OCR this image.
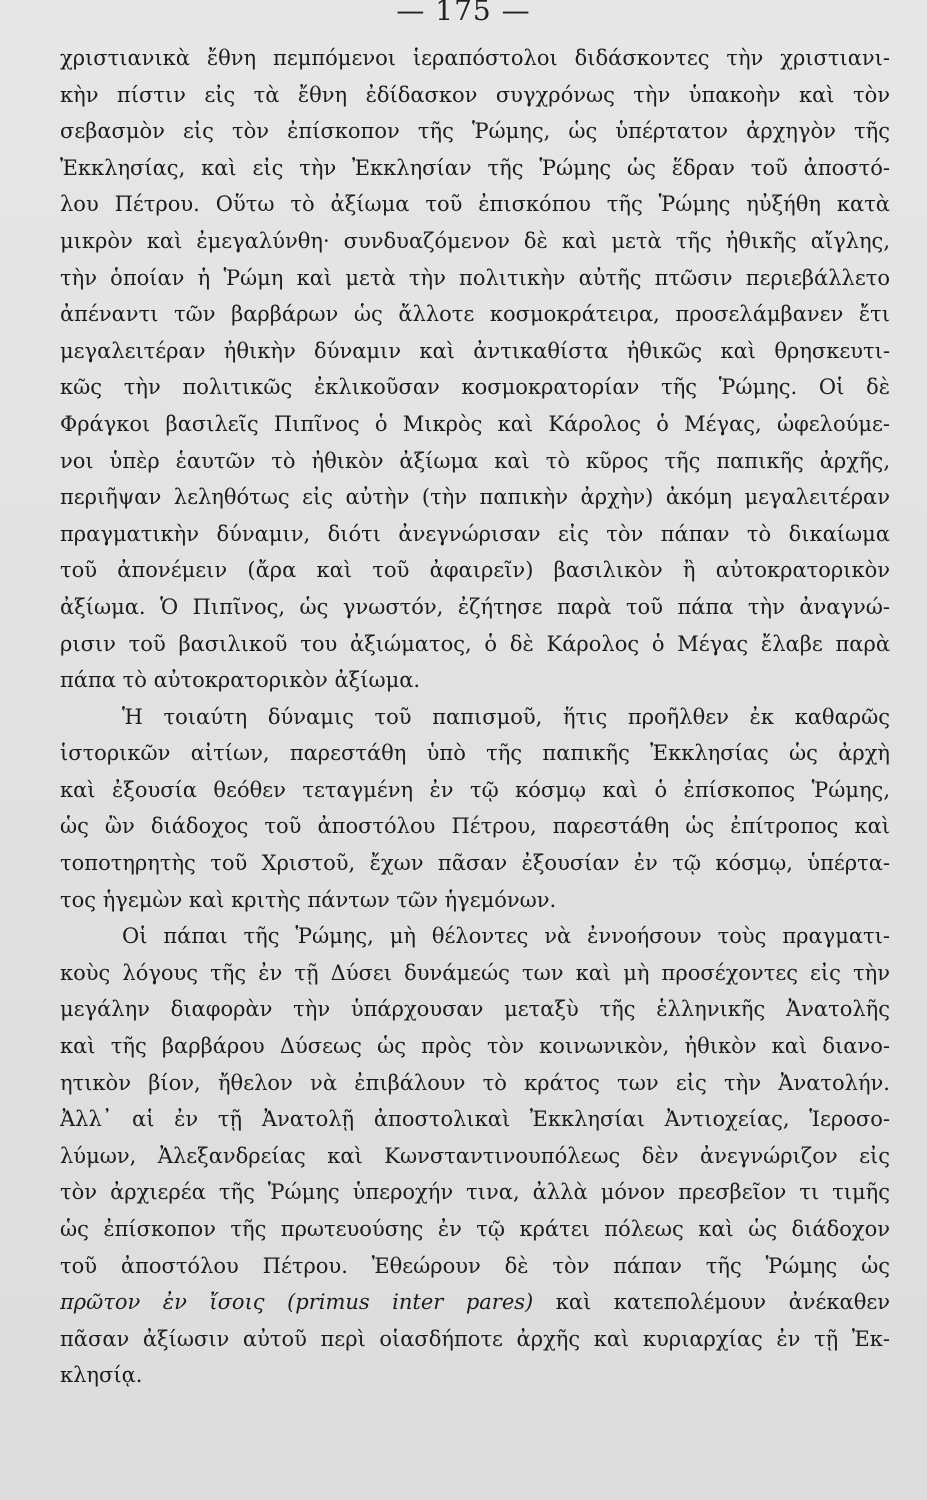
— 175 —
χριστιανικὰ ἔθνη πεμπόμενοι ἱεραπόστολοι διδάσκοντες τὴν χριστιανι-
κὴν πίστιν εἰς τὰ ἔθνη ἐδίδασκον συγχρόνως τὴν ὑπακοὴν καὶ τὸν
σεβασμὸν εἰς τὸν ἐπίσκοπον τῆς Ῥώμης, ὡς ὑπέρτατον ἀρχηγὸν τῆς
Ἐκκλησίας, καὶ εἰς τὴν Ἐκκλησίαν τῆς Ῥώμης ὡς ἕδραν τοῦ ἀποστό-
λου Πέτρου. Οὕτω τὸ ἀξίωμα τοῦ ἐπισκόπου τῆς Ῥώμης ηὐξήθη κατὰ
μικρὸν καὶ ἐμεγαλύνθη· συνδυαζόμενον δὲ καὶ μετὰ τῆς ἠθικῆς αἴγλης,
τὴν ὁποίαν ἡ Ῥώμη καὶ μετὰ τὴν πολιτικὴν αὐτῆς πτῶσιν περιεβάλλετο
ἀπέναντι τῶν βαρβάρων ὡς ἄλλοτε κοσμοκράτειρα, προσελάμβανεν ἔτι
μεγαλειτέραν ἠθικὴν δύναμιν καὶ ἀντικαθίστα ἠθικῶς καὶ θρησκευτι-
κῶς τὴν πολιτικῶς ἐκλικοῦσαν κοσμοκρατορίαν τῆς Ῥώμης. Οἱ δὲ
Φράγκοι βασιλεῖς Πιπῖνος ὁ Μικρὸς καὶ Κάρολος ὁ Μέγας, ὠφελούμε-
νοι ὑπὲρ ἑαυτῶν τὸ ἠθικὸν ἀξίωμα καὶ τὸ κῦρος τῆς παπικῆς ἀρχῆς,
περιῆψαν λεληθότως εἰς αὐτὴν (τὴν παπικὴν ἀρχὴν) ἀκόμη μεγαλειτέραν
πραγματικὴν δύναμιν, διότι ἀνεγνώρισαν εἰς τὸν πάπαν τὸ δικαίωμα
τοῦ ἀπονέμειν (ἄρα καὶ τοῦ ἀφαιρεῖν) βασιλικὸν ἢ αὐτοκρατορικὸν
ἀξίωμα. Ὁ Πιπῖνος, ὡς γνωστόν, ἐζήτησε παρὰ τοῦ πάπα τὴν ἀναγνώ-
ρισιν τοῦ βασιλικοῦ του ἀξιώματος, ὁ δὲ Κάρολος ὁ Μέγας ἔλαβε παρὰ
πάπα τὸ αὐτοκρατορικὸν ἀξίωμα.
Ἡ τοιαύτη δύναμις τοῦ παπισμοῦ, ἥτις προῆλθεν ἐκ καθαρῶς
ἱστορικῶν αἰτίων, παρεστάθη ὑπὸ τῆς παπικῆς Ἐκκλησίας ὡς ἀρχὴ
καὶ ἐξουσία θεόθεν τεταγμένη ἐν τῷ κόσμῳ καὶ ὁ ἐπίσκοπος Ῥώμης,
ὡς ὢν διάδοχος τοῦ ἀποστόλου Πέτρου, παρεστάθη ὡς ἐπίτροπος καὶ
τοποτηρητὴς τοῦ Χριστοῦ, ἔχων πᾶσαν ἐξουσίαν ἐν τῷ κόσμῳ, ὑπέρτα-
τος ἡγεμὼν καὶ κριτὴς πάντων τῶν ἡγεμόνων.
Οἱ πάπαι τῆς Ῥώμης, μὴ θέλοντες νὰ ἐννοήσουν τοὺς πραγματι-
κοὺς λόγους τῆς ἐν τῇ Δύσει δυνάμεώς των καὶ μὴ προσέχοντες εἰς τὴν
μεγάλην διαφορὰν τὴν ὑπάρχουσαν μεταξὺ τῆς ἑλληνικῆς Ἀνατολῆς
καὶ τῆς βαρβάρου Δύσεως ὡς πρὸς τὸν κοινωνικὸν, ἠθικὸν καὶ διανο-
ητικὸν βίον, ἤθελον νὰ ἐπιβάλουν τὸ κράτος των εἰς τὴν Ἀνατολήν.
Ἀλλ᾽ αἱ ἐν τῇ Ἀνατολῇ ἀποστολικαὶ Ἐκκλησίαι Ἀντιοχείας, Ἱεροσο-
λύμων, Ἀλεξανδρείας καὶ Κωνσταντινουπόλεως δὲν ἀνεγνώριζον εἰς
τὸν ἀρχιερέα τῆς Ῥώμης ὑπεροχήν τινα, ἀλλὰ μόνον πρεσβεῖον τι τιμῆς
ὡς ἐπίσκοπον τῆς πρωτευούσης ἐν τῷ κράτει πόλεως καὶ ὡς διάδοχον
τοῦ ἀποστόλου Πέτρου. Ἐθεώρουν δὲ τὸν πάπαν τῆς Ῥώμης ὡς
πρῶτον ἐν ἴσοις (primus inter pares) καὶ κατεπολέμουν ἀνέκαθεν
πᾶσαν ἀξίωσιν αὐτοῦ περὶ οἱασδήποτε ἀρχῆς καὶ κυριαρχίας ἐν τῇ Ἐκ-
κλησίᾳ.
